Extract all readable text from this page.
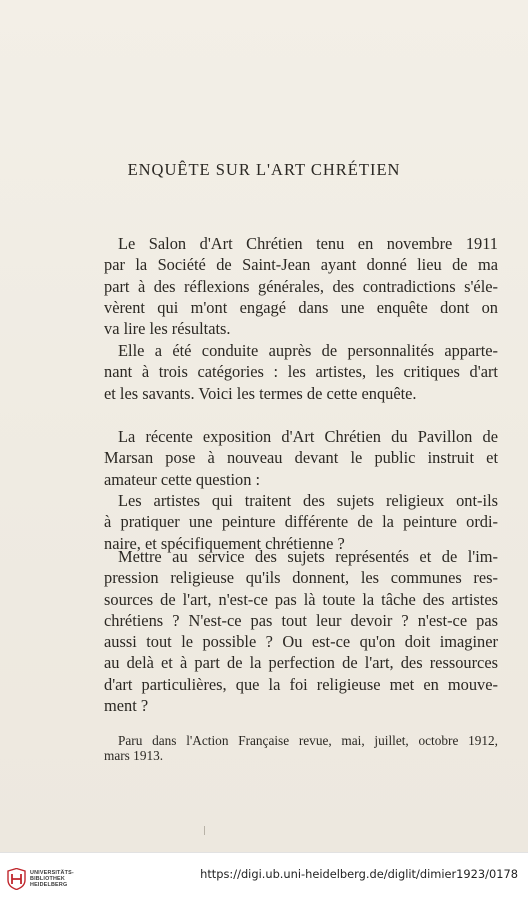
ENQUÊTE SUR L'ART CHRÉTIEN
Le Salon d'Art Chrétien tenu en novembre 1911
par la Société de Saint-Jean ayant donné lieu de ma
part à des réflexions générales, des contradictions s'éle-
vèrent qui m'ont engagé dans une enquête dont on
va lire les résultats.
Elle a été conduite auprès de personnalités apparte-
nant à trois catégories : les artistes, les critiques d'art
et les savants. Voici les termes de cette enquête.
La récente exposition d'Art Chrétien du Pavillon de
Marsan pose à nouveau devant le public instruit et
amateur cette question :
Les artistes qui traitent des sujets religieux ont-ils
à pratiquer une peinture différente de la peinture ordi-
naire, et spécifiquement chrétienne ?
Mettre au service des sujets représentés et de l'im-
pression religieuse qu'ils donnent, les communes res-
sources de l'art, n'est-ce pas là toute la tâche des artistes
chrétiens ? N'est-ce pas tout leur devoir ? n'est-ce pas
aussi tout le possible ? Ou est-ce qu'on doit imaginer
au delà et à part de la perfection de l'art, des ressources
d'art particulières, que la foi religieuse met en mouve-
ment ?
Paru dans l'Action Française revue, mai, juillet, octobre 1912,
mars 1913.
UNIVERSITÄTS-
BIBLIOTHEK
HEIDELBERG
https://digi.ub.uni-heidelberg.de/diglit/dimier1923/0178
